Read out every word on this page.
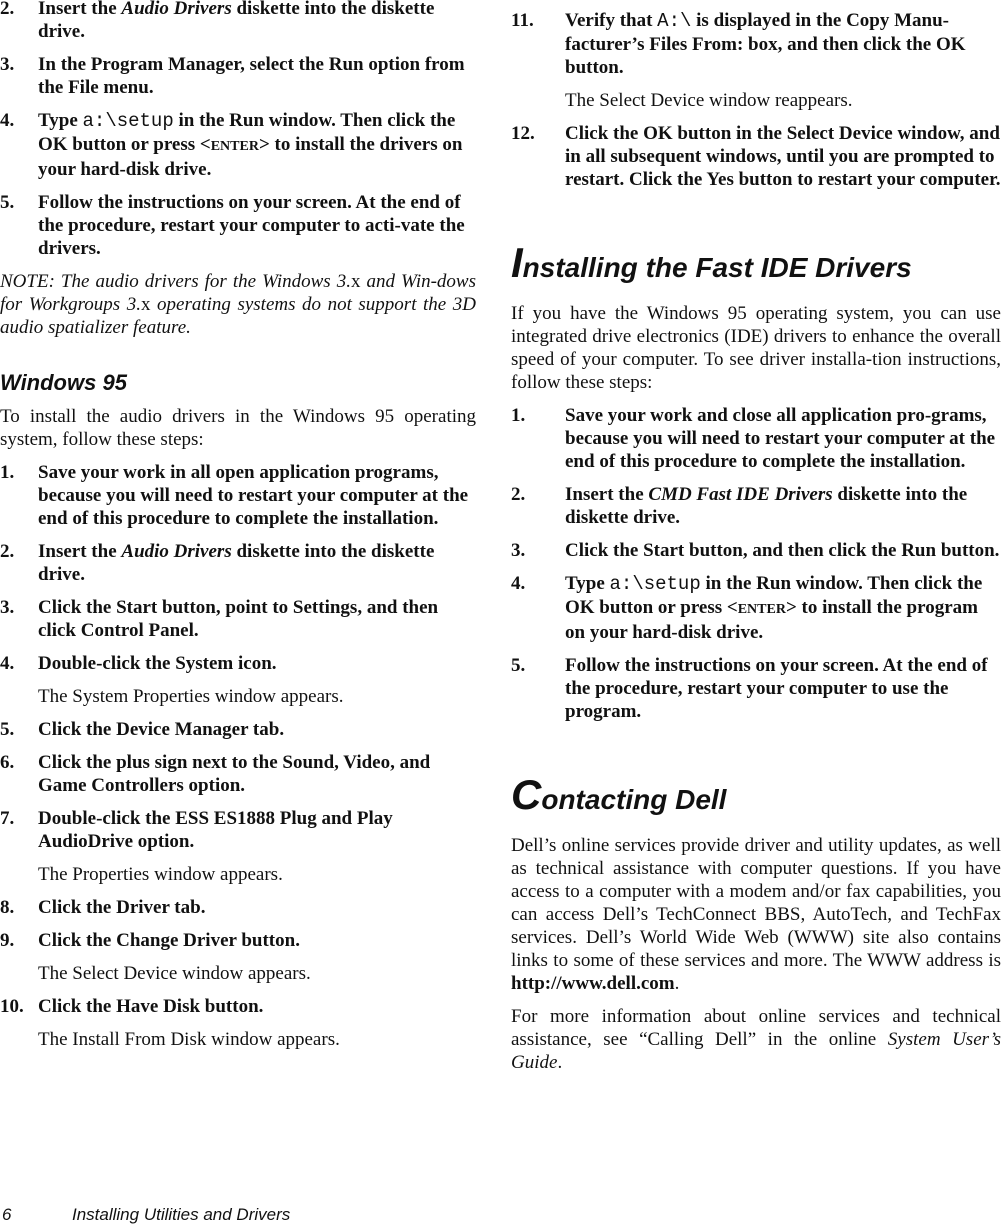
2. Insert the Audio Drivers diskette into the diskette drive.
3. In the Program Manager, select the Run option from the File menu.
4. Type a:\setup in the Run window. Then click the OK button or press <ENTER> to install the drivers on your hard-disk drive.
5. Follow the instructions on your screen. At the end of the procedure, restart your computer to acti-vate the drivers.
NOTE: The audio drivers for the Windows 3.x and Win-dows for Workgroups 3.x operating systems do not support the 3D audio spatializer feature.
Windows 95
To install the audio drivers in the Windows 95 operating system, follow these steps:
1. Save your work in all open application programs, because you will need to restart your computer at the end of this procedure to complete the installation.
2. Insert the Audio Drivers diskette into the diskette drive.
3. Click the Start button, point to Settings, and then click Control Panel.
4. Double-click the System icon.
The System Properties window appears.
5. Click the Device Manager tab.
6. Click the plus sign next to the Sound, Video, and Game Controllers option.
7. Double-click the ESS ES1888 Plug and Play AudioDrive option.
The Properties window appears.
8. Click the Driver tab.
9. Click the Change Driver button.
The Select Device window appears.
10. Click the Have Disk button.
The Install From Disk window appears.
11. Verify that A:\ is displayed in the Copy Manu-facturer’s Files From: box, and then click the OK button.
The Select Device window reappears.
12. Click the OK button in the Select Device window, and in all subsequent windows, until you are prompted to restart. Click the Yes button to restart your computer.
Installing the Fast IDE Drivers
If you have the Windows 95 operating system, you can use integrated drive electronics (IDE) drivers to enhance the overall speed of your computer. To see driver installa-tion instructions, follow these steps:
1. Save your work and close all application pro-grams, because you will need to restart your computer at the end of this procedure to complete the installation.
2. Insert the CMD Fast IDE Drivers diskette into the diskette drive.
3. Click the Start button, and then click the Run button.
4. Type a:\setup in the Run window. Then click the OK button or press <ENTER> to install the program on your hard-disk drive.
5. Follow the instructions on your screen. At the end of the procedure, restart your computer to use the program.
Contacting Dell
Dell’s online services provide driver and utility updates, as well as technical assistance with computer questions. If you have access to a computer with a modem and/or fax capabilities, you can access Dell’s TechConnect BBS, AutoTech, and TechFax services. Dell’s World Wide Web (WWW) site also contains links to some of these services and more. The WWW address is http://www.dell.com.
For more information about online services and technical assistance, see “Calling Dell” in the online System User’s Guide.
6	Installing Utilities and Drivers
